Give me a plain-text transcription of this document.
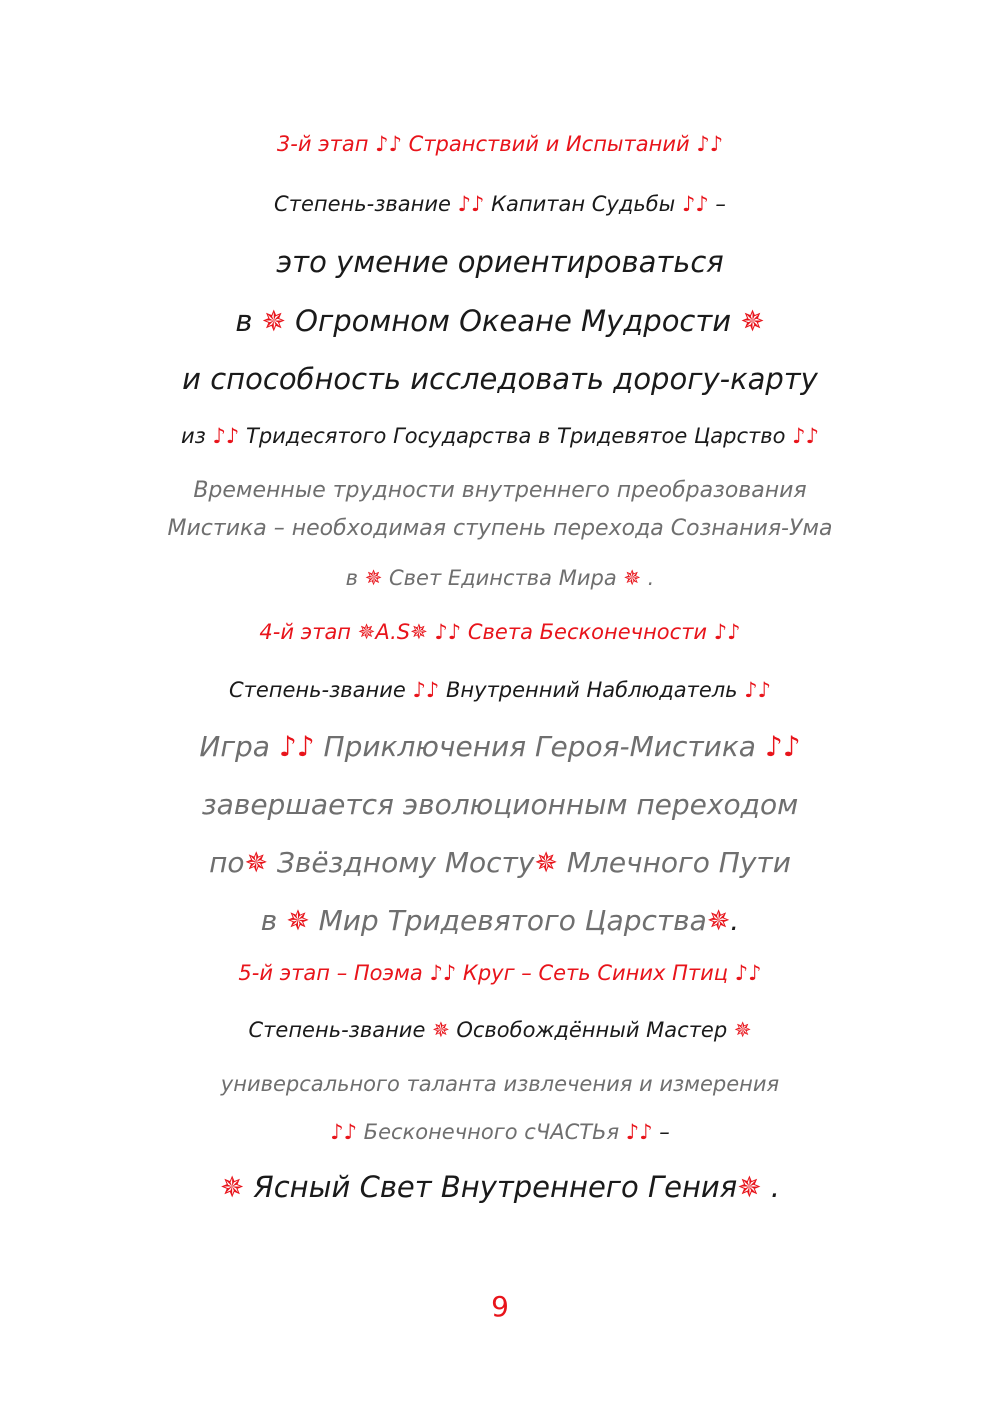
3-й этап ♪♪ Странствий и Испытаний ♪♪
Степень-звание ♪♪ Капитан Судьбы ♪♪ –
это умение ориентироваться
в ✵ Огромном Океане Мудрости ✵
и способность исследовать дорогу-карту
из ♪♪ Тридесятого Государства в Тридевятое Царство ♪♪
Временные трудности внутреннего преобразования
Мистика – необходимая ступень перехода Сознания-Ума
в ✵ Свет Единства Мира ✵ .
4-й этап ✵A.S✵ ♪♪ Света Бесконечности ♪♪
Степень-звание ♪♪ Внутренний Наблюдатель ♪♪
Игра ♪♪ Приключения Героя-Мистика ♪♪
завершается эволюционным переходом
по✵ Звёздному Мосту✵ Млечного Пути
в ✵ Мир Тридевятого Царства✵.
5-й этап – Поэма ♪♪ Круг – Сеть Синих Птиц ♪♪
Степень-звание ✵ Освобождённый Мастер ✵
универсального таланта извлечения и измерения
♪♪ Бесконечного сЧАСТЬя ♪♪ –
✵ Ясный Свет Внутреннего Гения✵ .
9
